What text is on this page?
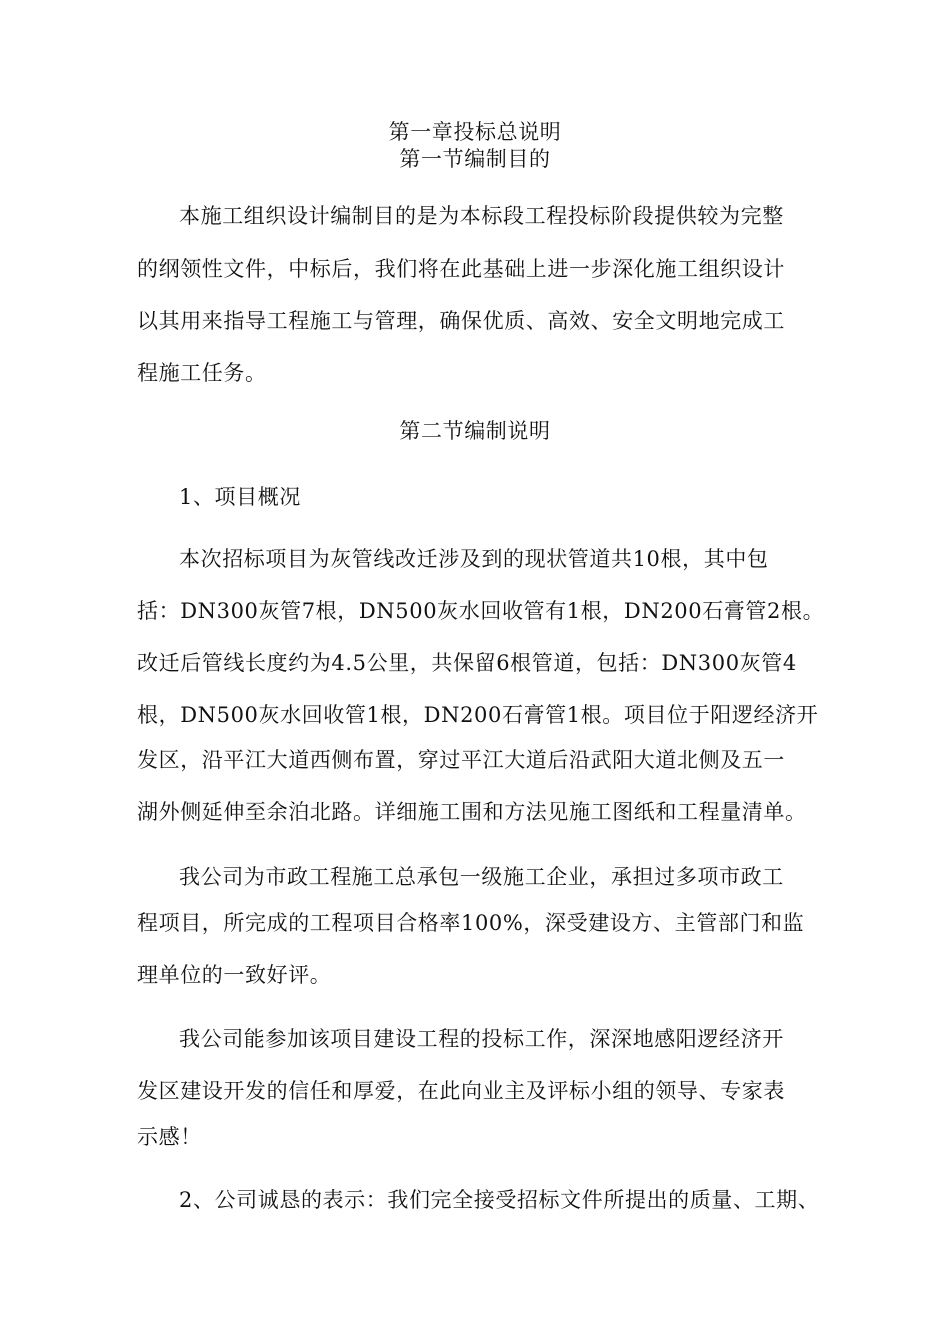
第一章投标总说明
第一节编制目的
本施工组织设计编制目的是为本标段工程投标阶段提供较为完整
的纲领性文件，中标后，我们将在此基础上进一步深化施工组织设计
以其用来指导工程施工与管理，确保优质、高效、安全文明地完成工
程施工任务。
第二节编制说明
1、项目概况
本次招标项目为灰管线改迁涉及到的现状管道共10根，其中包
括：DN300灰管7根，DN500灰水回收管有1根，DN200石膏管2根。
改迁后管线长度约为4.5公里，共保留6根管道，包括：DN300灰管4
根，DN500灰水回收管1根，DN200石膏管1根。项目位于阳逻经济开
发区，沿平江大道西侧布置，穿过平江大道后沿武阳大道北侧及五一
湖外侧延伸至余泊北路。详细施工围和方法见施工图纸和工程量清单。
我公司为市政工程施工总承包一级施工企业，承担过多项市政工
程项目，所完成的工程项目合格率100%，深受建设方、主管部门和监
理单位的一致好评。
我公司能参加该项目建设工程的投标工作，深深地感阳逻经济开
发区建设开发的信任和厚爱，在此向业主及评标小组的领导、专家表
示感！
2、公司诚恳的表示：我们完全接受招标文件所提出的质量、工期、
